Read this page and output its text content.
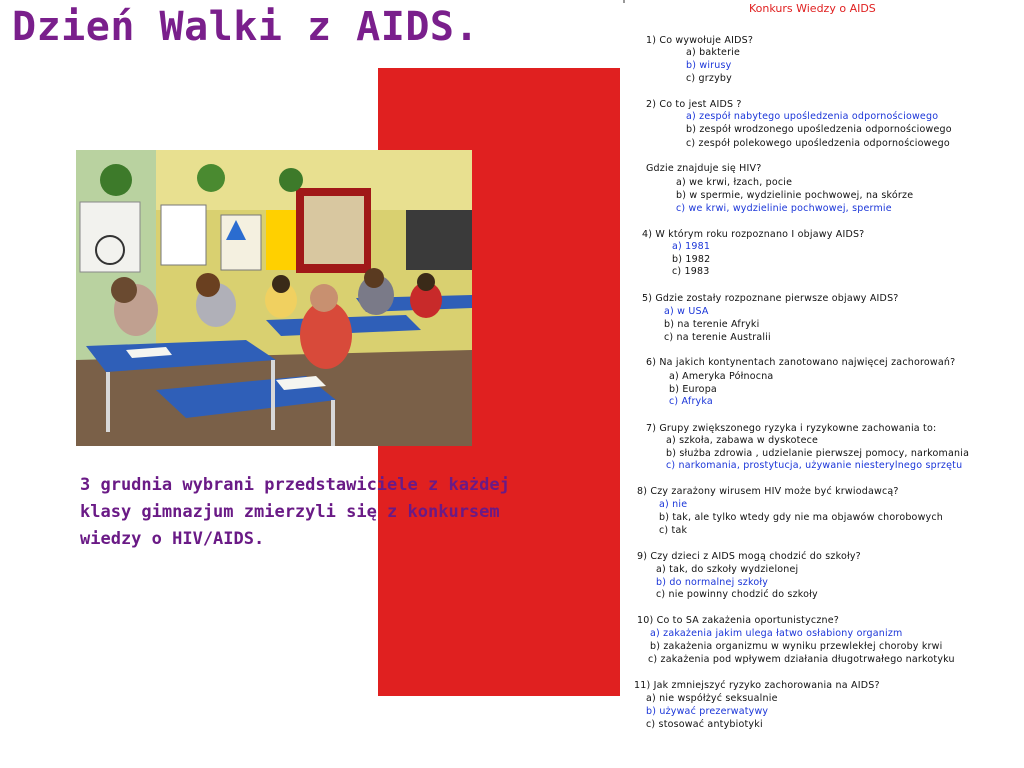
Dzień Walki z AIDS.
3 grudnia wybrani przedstawiciele z każdej klasy gimnazjum zmierzyli się z konkursem wiedzy o HIV/AIDS.
Konkurs Wiedzy o AIDS
1) Co wywołuje AIDS?
a) bakterie
b) wirusy
c) grzyby
2) Co to jest AIDS ?
a) zespół nabytego upośledzenia odpornościowego
b) zespół wrodzonego upośledzenia odpornościowego
c) zespół polekowego upośledzenia odpornościowego
Gdzie znajduje się HIV?
a) we krwi, łzach, pocie
b) w spermie, wydzielinie pochwowej, na skórze
c) we krwi, wydzielinie pochwowej, spermie
4) W którym roku rozpoznano I objawy AIDS?
a) 1981
b) 1982
c) 1983
5) Gdzie zostały rozpoznane pierwsze objawy AIDS?
a) w USA
b) na terenie Afryki
c) na terenie Australii
6) Na jakich kontynentach zanotowano najwięcej zachorowań?
a) Ameryka Północna
b) Europa
c) Afryka
7) Grupy zwiększonego ryzyka i ryzykowne zachowania to:
a) szkoła, zabawa w dyskotece
b) służba zdrowia , udzielanie pierwszej pomocy, narkomania
c) narkomania, prostytucja, używanie niesterylnego sprzętu
8) Czy zarażony wirusem HIV może być krwiodawcą?
a) nie
b) tak, ale tylko wtedy gdy nie ma objawów chorobowych
c) tak
9) Czy dzieci z AIDS mogą chodzić do szkoły?
a) tak, do szkoły wydzielonej
b) do normalnej szkoły
c) nie powinny chodzić do szkoły
10) Co to SA zakażenia oportunistyczne?
a) zakażenia jakim ulega łatwo osłabiony organizm
b) zakażenia organizmu w wyniku przewlekłej choroby krwi
c) zakażenia pod wpływem działania długotrwałego narkotyku
11) Jak zmniejszyć ryzyko zachorowania na AIDS?
a) nie współżyć seksualnie
b) używać prezerwatywy
c) stosować antybiotyki
